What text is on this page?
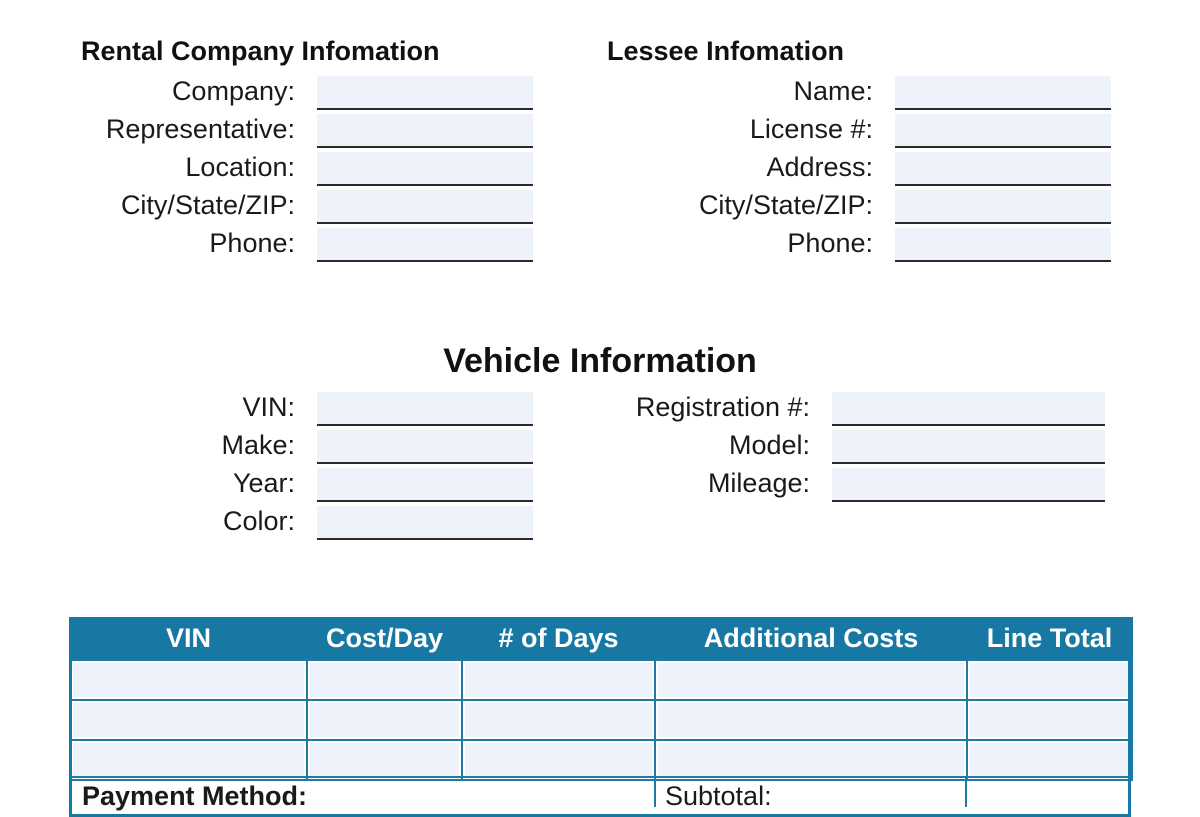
Rental Company Infomation
Company:
Representative:
Location:
City/State/ZIP:
Phone:
Lessee Infomation
Name:
License #:
Address:
City/State/ZIP:
Phone:
Vehicle Information
VIN:
Make:
Year:
Color:
Registration #:
Model:
Mileage:
VIN	Cost/Day	# of Days	Additional Costs	Line Total

Payment Method:	Subtotal:
